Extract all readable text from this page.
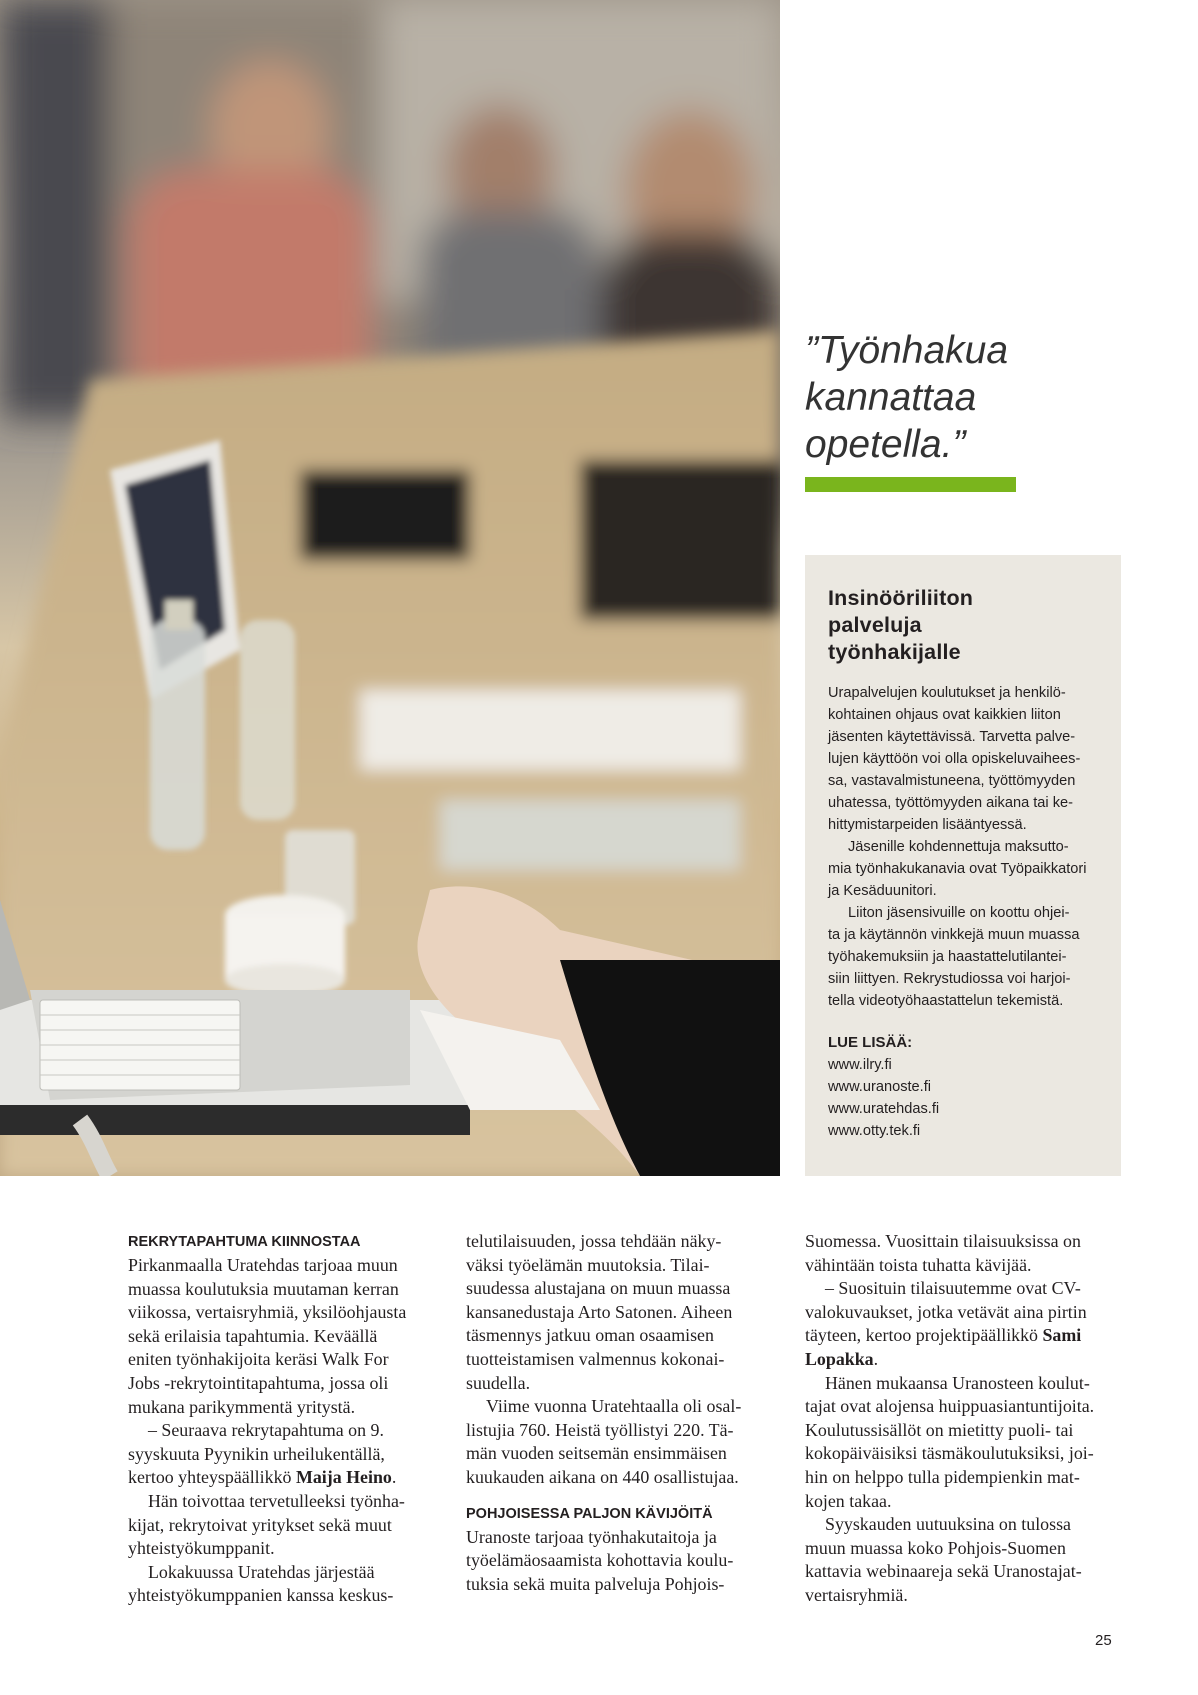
”Työnhakua
kannattaa
opetella.”
Insinööriliiton
palveluja
työnhakijalle
Urapalvelujen koulutukset ja henkilö-
kohtainen ohjaus ovat kaikkien liiton
jäsenten käytettävissä. Tarvetta palve-
lujen käyttöön voi olla opiskeluvaihees-
sa, vastavalmistuneena, työttömyyden
uhatessa, työttömyyden aikana tai ke-
hittymistarpeiden lisääntyessä.
Jäsenille kohdennettuja maksutto-
mia työnhakukanavia ovat Työpaikkatori
ja Kesäduunitori.
Liiton jäsensivuille on koottu ohjei-
ta ja käytännön vinkkejä muun muassa
työhakemuksiin ja haastattelutilantei-
siin liittyen. Rekrystudiossa voi harjoi-
tella videotyöhaastattelun tekemistä.
LUE LISÄÄ:
www.ilry.fi
www.uranoste.fi
www.uratehdas.fi
www.otty.tek.fi
REKRYTAPAHTUMA KIINNOSTAA
Pirkanmaalla Uratehdas tarjoaa muun
muassa koulutuksia muutaman kerran
viikossa, vertaisryhmiä, yksilöohjausta
sekä erilaisia tapahtumia. Keväällä
eniten työnhakijoita keräsi Walk For
Jobs -rekrytointitapahtuma, jossa oli
mukana parikymmentä yritystä.
– Seuraava rekrytapahtuma on 9.
syyskuuta Pyynikin urheilukentällä,
kertoo yhteyspäällikkö Maija Heino.
Hän toivottaa tervetulleeksi työnha-
kijat, rekrytoivat yritykset sekä muut
yhteistyökumppanit.
Lokakuussa Uratehdas järjestää
yhteistyökumppanien kanssa keskus-
telutilaisuuden, jossa tehdään näky-
väksi työelämän muutoksia. Tilai-
suudessa alustajana on muun muassa
kansanedustaja Arto Satonen. Aiheen
täsmennys jatkuu oman osaamisen
tuotteistamisen valmennus kokonai-
suudella.
Viime vuonna Uratehtaalla oli osal-
listujia 760. Heistä työllistyi 220. Tä-
män vuoden seitsemän ensimmäisen
kuukauden aikana on 440 osallistujaa.
POHJOISESSA PALJON KÄVIJÖITÄ
Uranoste tarjoaa työnhakutaitoja ja
työelämäosaamista kohottavia koulu-
tuksia sekä muita palveluja Pohjois-
Suomessa. Vuosittain tilaisuuksissa on
vähintään toista tuhatta kävijää.
– Suosituin tilaisuutemme ovat CV-
valokuvaukset, jotka vetävät aina pirtin
täyteen, kertoo projektipäällikkö Sami
Lopakka.
Hänen mukaansa Uranosteen koulut-
tajat ovat alojensa huippuasiantuntijoita.
Koulutussisällöt on mietitty puoli- tai
kokopäiväisiksi täsmäkoulutuksiksi, joi-
hin on helppo tulla pidempienkin mat-
kojen takaa.
Syyskauden uutuuksina on tulossa
muun muassa koko Pohjois-Suomen
kattavia webinaareja sekä Uranostajat-
vertaisryhmiä.
25
